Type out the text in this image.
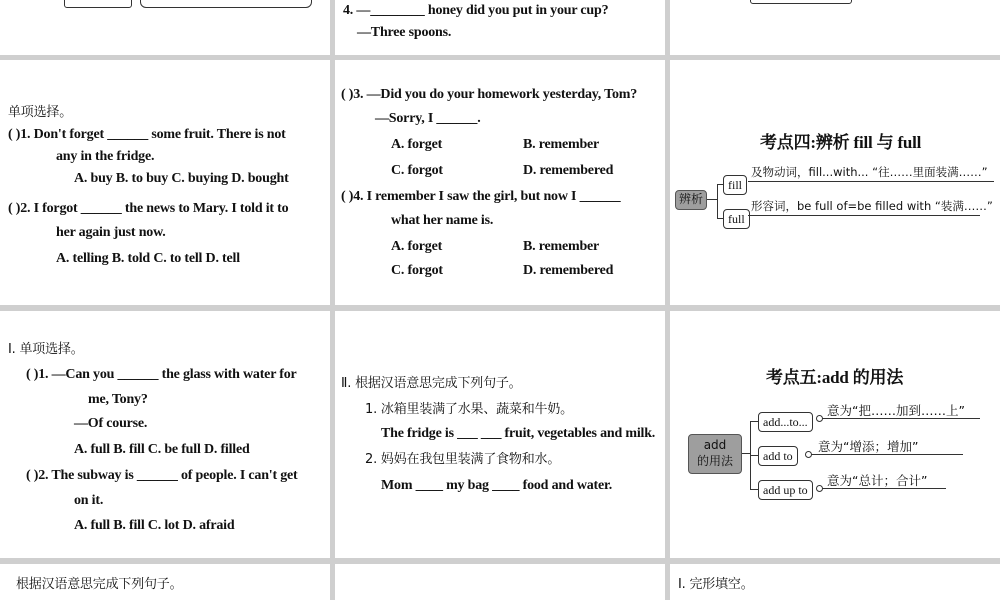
4. —________ honey did you put in your cup?
—Three spoons.
单项选择。
( )1. Don't forget ______ some fruit. There is not
any in the fridge.
A. buy B. to buy C. buying D. bought
( )2. I forgot ______ the news to Mary. I told it to
her again just now.
A. telling B. told C. to tell D. tell
( )3. —Did you do your homework yesterday, Tom?
—Sorry, I ______.
A. forget	B. remember
C. forgot	D. remembered
( )4. I remember I saw the girl, but now I ______
what her name is.
A. forget	B. remember
C. forgot	D. remembered
考点四:辨析 fill 与 full
辨析
fill
full
及物动词，fill...with... “往……里面装满……”
形容词，be full of=be filled with “装满……”
Ⅰ. 单项选择。
( )1. —Can you ______ the glass with water for
me, Tony?
—Of course.
A. full B. fill C. be full D. filled
( )2. The subway is ______ of people. I can't get
on it.
A. full B. fill C. lot D. afraid
Ⅱ. 根据汉语意思完成下列句子。
1. 冰箱里装满了水果、蔬菜和牛奶。
The fridge is ___ ___ fruit, vegetables and milk.
2. 妈妈在我包里装满了食物和水。
Mom ____ my bag ____ food and water.
考点五:add 的用法
add
的用法
add...to...
add to
add up to
意为“把……加到……上”
意为“增添；增加”
意为“总计；合计”
根据汉语意思完成下列句子。	Ⅰ. 完形填空。
